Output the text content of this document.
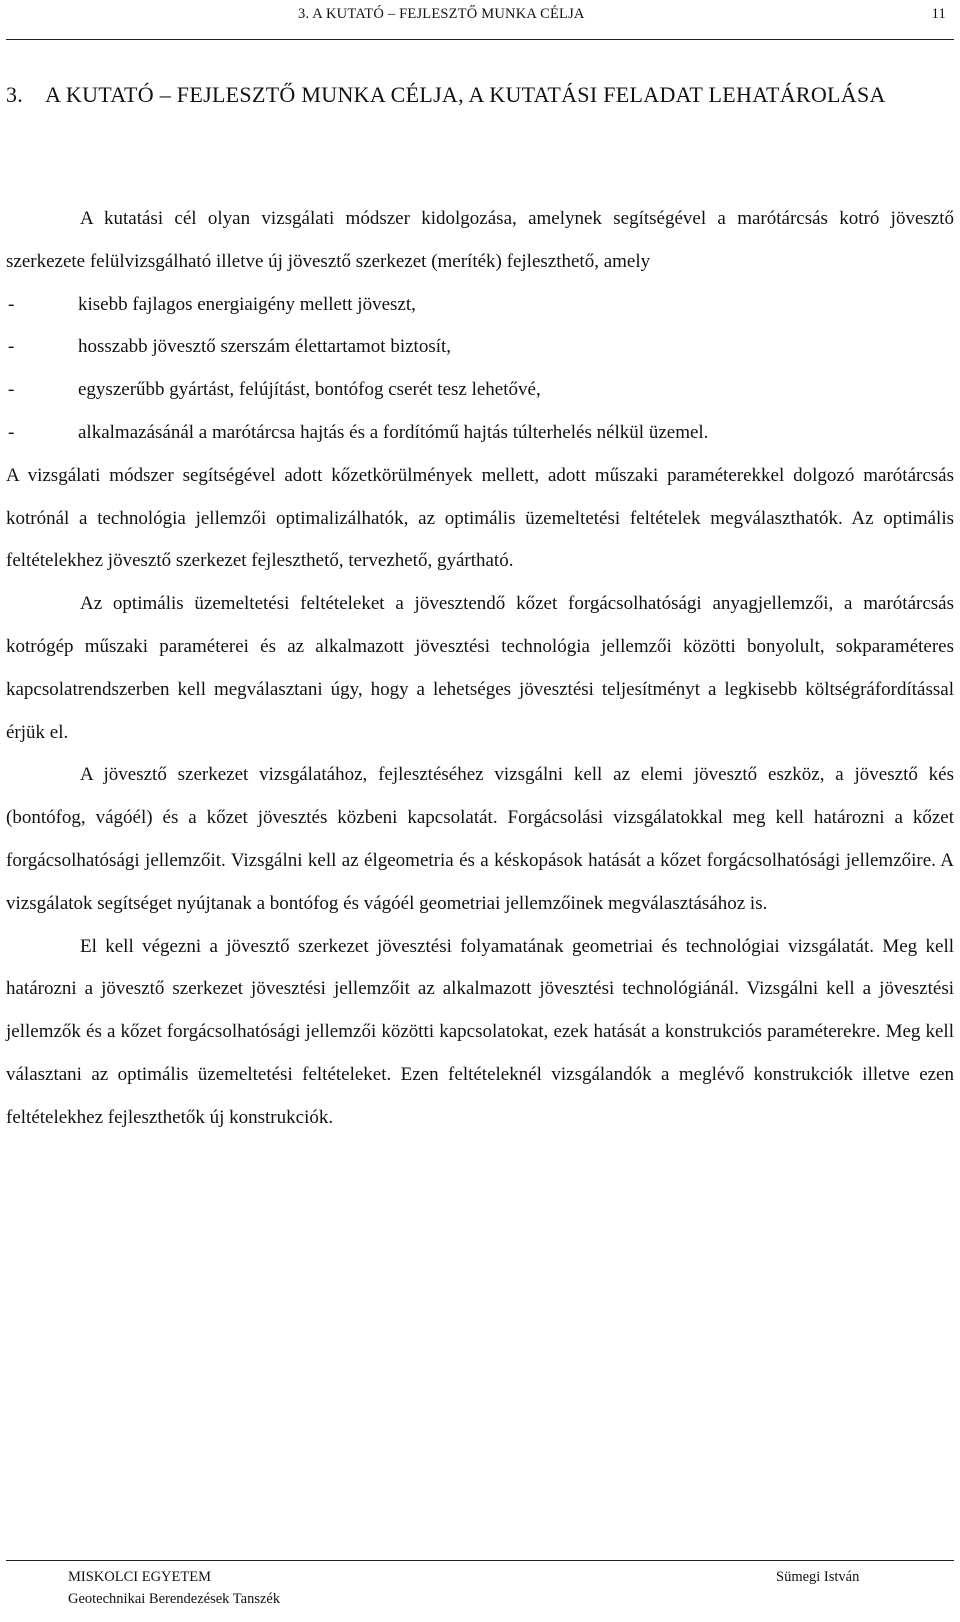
3. A KUTATÓ – FEJLESZTŐ MUNKA CÉLJA	11
3. A KUTATÓ – FEJLESZTŐ MUNKA CÉLJA, A KUTATÁSI FELADAT LEHATÁROLÁSA

A kutatási cél olyan vizsgálati módszer kidolgozása, amelynek segítségével a marótárcsás kotró jövesztő szerkezete felülvizsgálható illetve új jövesztő szerkezet (meríték) fejleszthető, amely

-	kisebb fajlagos energiaigény mellett jöveszt,
-	hosszabb jövesztő szerszám élettartamot biztosít,
-	egyszerűbb gyártást, felújítást, bontófog cserét tesz lehetővé,
-	alkalmazásánál a marótárcsa hajtás és a fordítómű hajtás túlterhelés nélkül üzemel.

A vizsgálati módszer segítségével adott kőzetkörülmények mellett, adott műszaki paraméterekkel dolgozó marótárcsás kotrónál a technológia jellemzői optimalizálhatók, az optimális üzemeltetési feltételek megválaszthatók. Az optimális feltételekhez jövesztő szerkezet fejleszthető, tervezhető, gyártható.

Az optimális üzemeltetési feltételeket a jövesztendő kőzet forgácsolhatósági anyagjellemzői, a marótárcsás kotrógép műszaki paraméterei és az alkalmazott jövesztési technológia jellemzői közötti bonyolult, sokparaméteres kapcsolatrendszerben kell megválasztani úgy, hogy a lehetséges jövesztési teljesítményt a legkisebb költségráfordítással érjük el.

A jövesztő szerkezet vizsgálatához, fejlesztéséhez vizsgálni kell az elemi jövesztő eszköz, a jövesztő kés (bontófog, vágóél) és a kőzet jövesztés közbeni kapcsolatát. Forgácsolási vizsgálatokkal meg kell határozni a kőzet forgácsolhatósági jellemzőit. Vizsgálni kell az élgeometria és a késkopások hatását a kőzet forgácsolhatósági jellemzőire. A vizsgálatok segítséget nyújtanak a bontófog és vágóél geometriai jellemzőinek megválasztásához is.

El kell végezni a jövesztő szerkezet jövesztési folyamatának geometriai és technológiai vizsgálatát. Meg kell határozni a jövesztő szerkezet jövesztési jellemzőit az alkalmazott jövesztési technológiánál. Vizsgálni kell a jövesztési jellemzők és a kőzet forgácsolhatósági jellemzői közötti kapcsolatokat, ezek hatását a konstrukciós paraméterekre. Meg kell választani az optimális üzemeltetési feltételeket. Ezen feltételeknél vizsgálandók a meglévő konstrukciók illetve ezen feltételekhez fejleszthetők új konstrukciók.

MISKOLCI EGYETEM
Geotechnikai Berendezések Tanszék
Sümegi István
